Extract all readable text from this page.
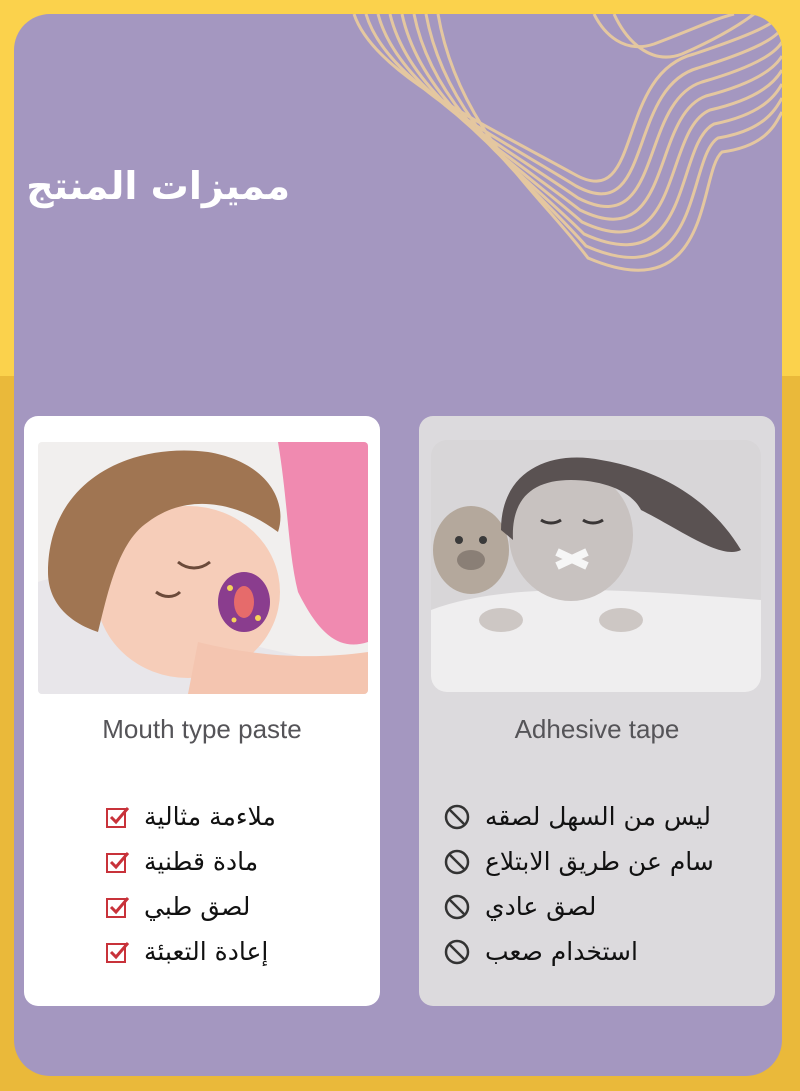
مميزات المنتج
Mouth type paste
ملاءمة مثالية
مادة قطنية
لصق طبي
إعادة التعبئة
Adhesive tape
ليس من السهل لصقه
سام عن طريق الابتلاع
لصق عادي
استخدام صعب
